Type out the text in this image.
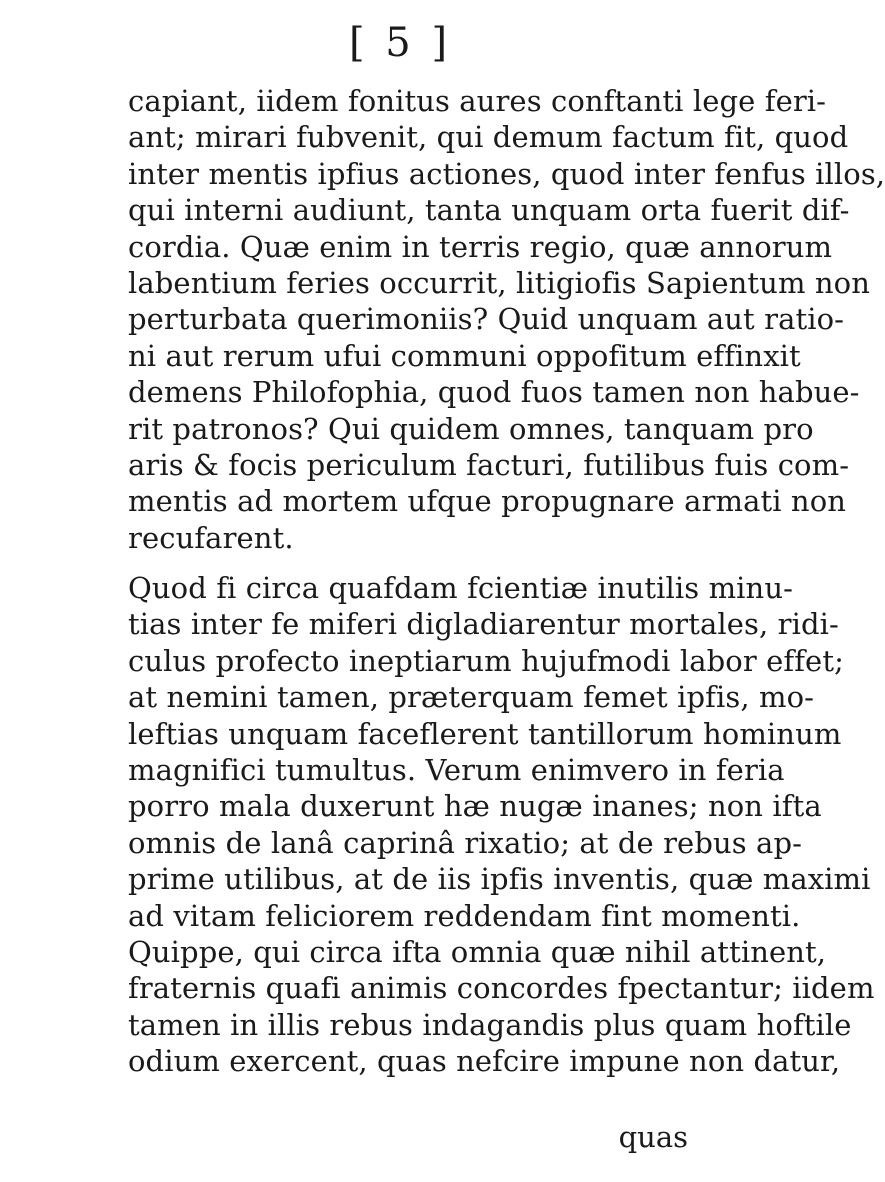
[ 5 ]
capiant, iidem fonitus aures conftanti lege feri-
ant; mirari fubvenit, qui demum factum fit, quod
inter mentis ipfius actiones, quod inter fenfus illos,
qui interni audiunt, tanta unquam orta fuerit dif-
cordia. Quæ enim in terris regio, quæ annorum
labentium feries occurrit, litigiofis Sapientum non
perturbata querimoniis? Quid unquam aut ratio-
ni aut rerum ufui communi oppofitum effinxit
demens Philofophia, quod fuos tamen non habue-
rit patronos? Qui quidem omnes, tanquam pro
aris & focis periculum facturi, futilibus fuis com-
mentis ad mortem ufque propugnare armati non
recufarent.
Quod fi circa quafdam fcientiæ inutilis minu-
tias inter fe miferi digladiarentur mortales, ridi-
culus profecto ineptiarum hujufmodi labor effet;
at nemini tamen, præterquam femet ipfis, mo-
leftias unquam faceflerent tantillorum hominum
magnifici tumultus. Verum enimvero in feria
porro mala duxerunt hæ nugæ inanes; non ifta
omnis de lanâ caprinâ rixatio; at de rebus ap-
prime utilibus, at de iis ipfis inventis, quæ maximi
ad vitam feliciorem reddendam fint momenti.
Quippe, qui circa ifta omnia quæ nihil attinent,
fraternis quafi animis concordes fpectantur; iidem
tamen in illis rebus indagandis plus quam hoftile
odium exercent, quas nefcire impune non datur,
quas
